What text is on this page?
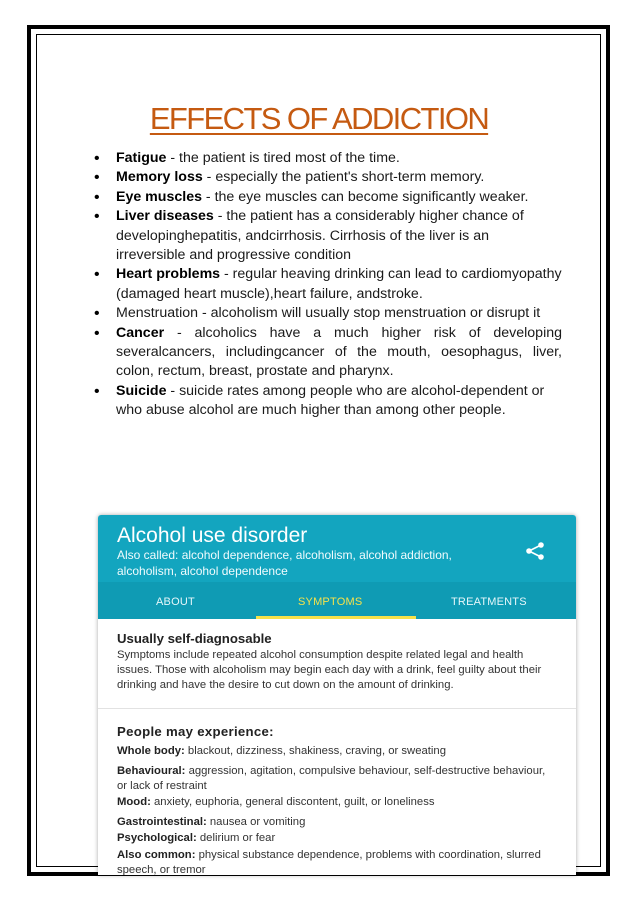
EFFECTS OF ADDICTION
• Fatigue - the patient is tired most of the time.
• Memory loss - especially the patient's short-term memory.
• Eye muscles - the eye muscles can become significantly weaker.
• Liver diseases - the patient has a considerably higher chance of developinghepatitis, andcirrhosis. Cirrhosis of the liver is an irreversible and progressive condition
• Heart problems - regular heaving drinking can lead to cardiomyopathy (damaged heart muscle),heart failure, andstroke.
• Menstruation - alcoholism will usually stop menstruation or disrupt it
• Cancer - alcoholics have a much higher risk of developing severalcancers, includingcancer of the mouth, oesophagus, liver, colon, rectum, breast, prostate and pharynx.
• Suicide - suicide rates among people who are alcohol-dependent or who abuse alcohol are much higher than among other people.
Alcohol use disorder
Also called: alcohol dependence, alcoholism, alcohol addiction, alcoholism, alcohol dependence
ABOUT	SYMPTOMS	TREATMENTS
Usually self-diagnosable
Symptoms include repeated alcohol consumption despite related legal and health issues. Those with alcoholism may begin each day with a drink, feel guilty about their drinking and have the desire to cut down on the amount of drinking.
People may experience:
Whole body: blackout, dizziness, shakiness, craving, or sweating
Behavioural: aggression, agitation, compulsive behaviour, self-destructive behaviour, or lack of restraint
Mood: anxiety, euphoria, general discontent, guilt, or loneliness
Gastrointestinal: nausea or vomiting
Psychological: delirium or fear
Also common: physical substance dependence, problems with coordination, slurred speech, or tremor
